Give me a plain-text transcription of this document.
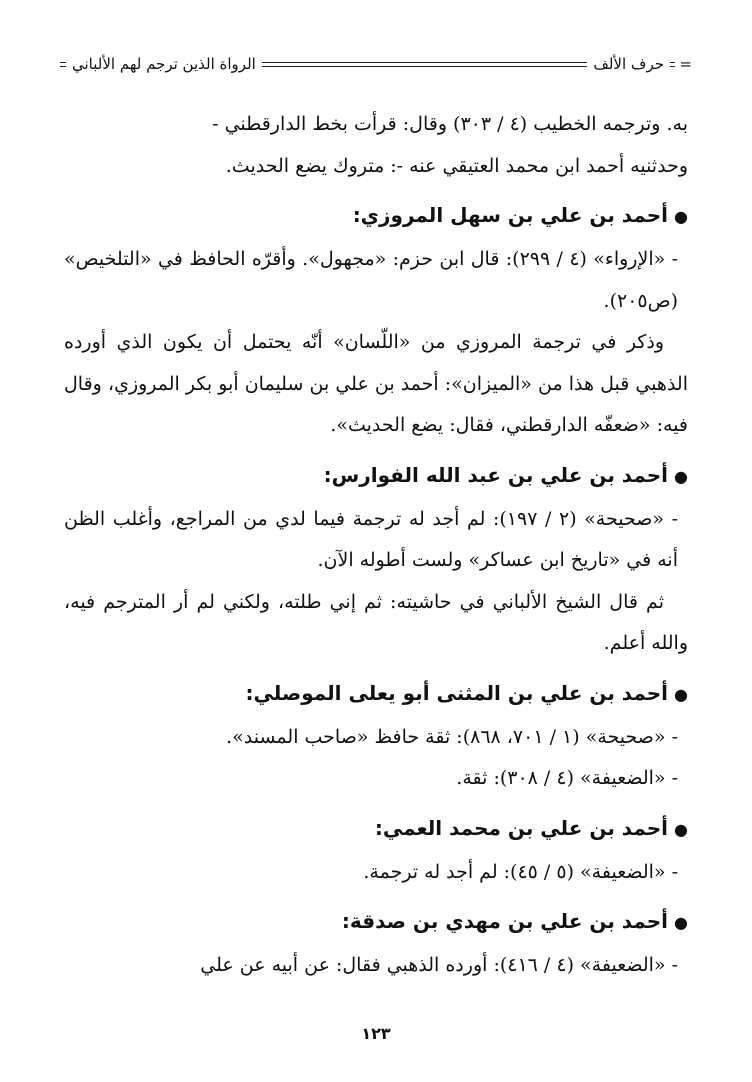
حرف الألف
الرواة الذين ترجم لهم الألباني	=

به. وترجمه الخطيب (٤ / ٣٠٣) وقال: قرأت بخط الدارقطني -

وحدثنيه أحمد ابن محمد العتيقي عنه -: متروك يضع الحديث.

●أحمد بن علي بن سهل المروزي:

- «الإرواء» (٤ / ٢٩٩): قال ابن حزم: «مجهول». وأقرّه الحافظ في «التلخيص» (ص٢٠٥).

وذكر في ترجمة المروزي من «اللّسان» أنّه يحتمل أن يكون الذي أورده الذهبي قبل هذا من «الميزان»: أحمد بن علي بن سليمان أبو بكر المروزي، وقال فيه: «ضعفّه الدارقطني، فقال: يضع الحديث».

●أحمد بن علي بن عبد الله الفوارس:

- «صحيحة» (٢ / ١٩٧): لم أجد له ترجمة فيما لدي من المراجع، وأغلب الظن أنه في «تاريخ ابن عساكر» ولست أطوله الآن.

ثم قال الشيخ الألباني في حاشيته: ثم إني طلته، ولكني لم أر المترجم فيه، والله أعلم.

●أحمد بن علي بن المثنى أبو يعلى الموصلي:

- «صحيحة» (١ / ٧٠١، ٨٦٨): ثقة حافظ «صاحب المسند».

- «الضعيفة» (٤ / ٣٠٨): ثقة.

●أحمد بن علي بن محمد العمي:

- «الضعيفة» (٥ / ٤٥): لم أجد له ترجمة.

●أحمد بن علي بن مهدي بن صدقة:

- «الضعيفة» (٤ / ٤١٦): أورده الذهبي فقال: عن أبيه عن علي

١٢٣
